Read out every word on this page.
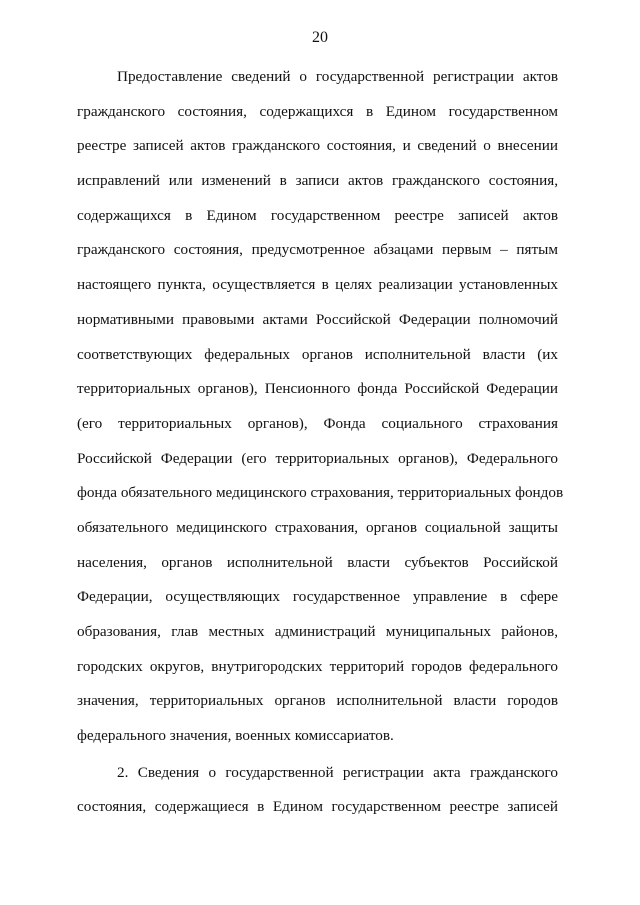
20
Предоставление сведений о государственной регистрации актов
гражданского состояния, содержащихся в Едином государственном
реестре записей актов гражданского состояния, и сведений о внесении
исправлений или изменений в записи актов гражданского состояния,
содержащихся в Едином государственном реестре записей актов
гражданского состояния, предусмотренное абзацами первым – пятым
настоящего пункта, осуществляется в целях реализации установленных
нормативными правовыми актами Российской Федерации полномочий
соответствующих федеральных органов исполнительной власти (их
территориальных органов), Пенсионного фонда Российской Федерации
(его территориальных органов), Фонда социального страхования
Российской Федерации (его территориальных органов), Федерального
фонда обязательного медицинского страхования, территориальных фондов
обязательного медицинского страхования, органов социальной защиты
населения, органов исполнительной власти субъектов Российской
Федерации, осуществляющих государственное управление в сфере
образования, глав местных администраций муниципальных районов,
городских округов, внутригородских территорий городов федерального
значения, территориальных органов исполнительной власти городов
федерального значения, военных комиссариатов.
2. Сведения о государственной регистрации акта гражданского
состояния, содержащиеся в Едином государственном реестре записей
